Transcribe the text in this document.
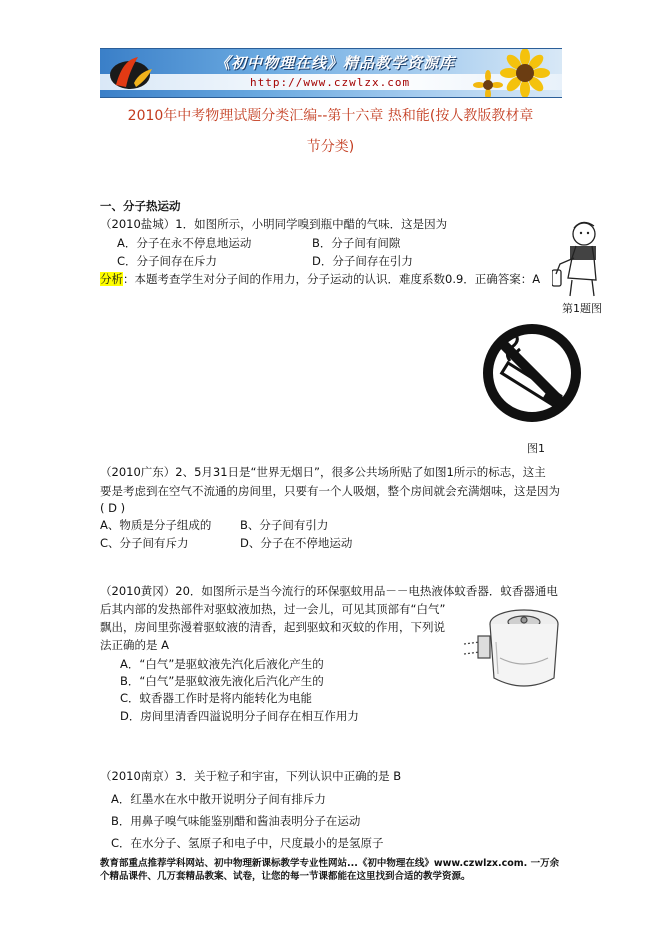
《初中物理在线》精品教学资源库
http://www.czwlzx.com
2010年中考物理试题分类汇编--第十六章 热和能(按人教版教材章
节分类)
一、分子热运动
（2010盐城）1．如图所示，小明同学嗅到瓶中醋的气味．这是因为
A．分子在永不停息地运动	B．分子间有间隙
C．分子间存在斥力	D．分子间存在引力
分析：本题考查学生对分子间的作用力，分子运动的认识．难度系数0.9．正确答案：A
第1题图
图1
（2010广东）2、5月31日是“世界无烟日”，很多公共场所贴了如图1所示的标志，这主
要是考虑到在空气不流通的房间里，只要有一个人吸烟，整个房间就会充满烟味，这是因为
( D )
A、物质是分子组成的 B、分子间有引力
C、分子间有斥力	D、分子在不停地运动
（2010黄冈）20．如图所示是当今流行的环保驱蚊用品－－电热液体蚊香器．蚊香器通电
后其内部的发热部件对驱蚊液加热，过一会儿，可见其顶部有“白气”
飘出，房间里弥漫着驱蚊液的清香，起到驱蚊和灭蚊的作用，下列说
法正确的是 A
A．“白气”是驱蚊液先汽化后液化产生的
B．“白气”是驱蚊液先液化后汽化产生的
C．蚊香器工作时是将内能转化为电能
D．房间里清香四溢说明分子间存在相互作用力
（2010南京）3．关于粒子和宇宙，下列认识中正确的是 B
A．红墨水在水中散开说明分子间有排斥力
B．用鼻子嗅气味能鉴别醋和酱油表明分子在运动
C．在水分子、氢原子和电子中，尺度最小的是氢原子
教育部重点推荐学科网站、初中物理新课标教学专业性网站...《初中物理在线》www.czwlzx.com. 一万余
个精品课件、几万套精品教案、试卷，让您的每一节课都能在这里找到合适的教学资源。
